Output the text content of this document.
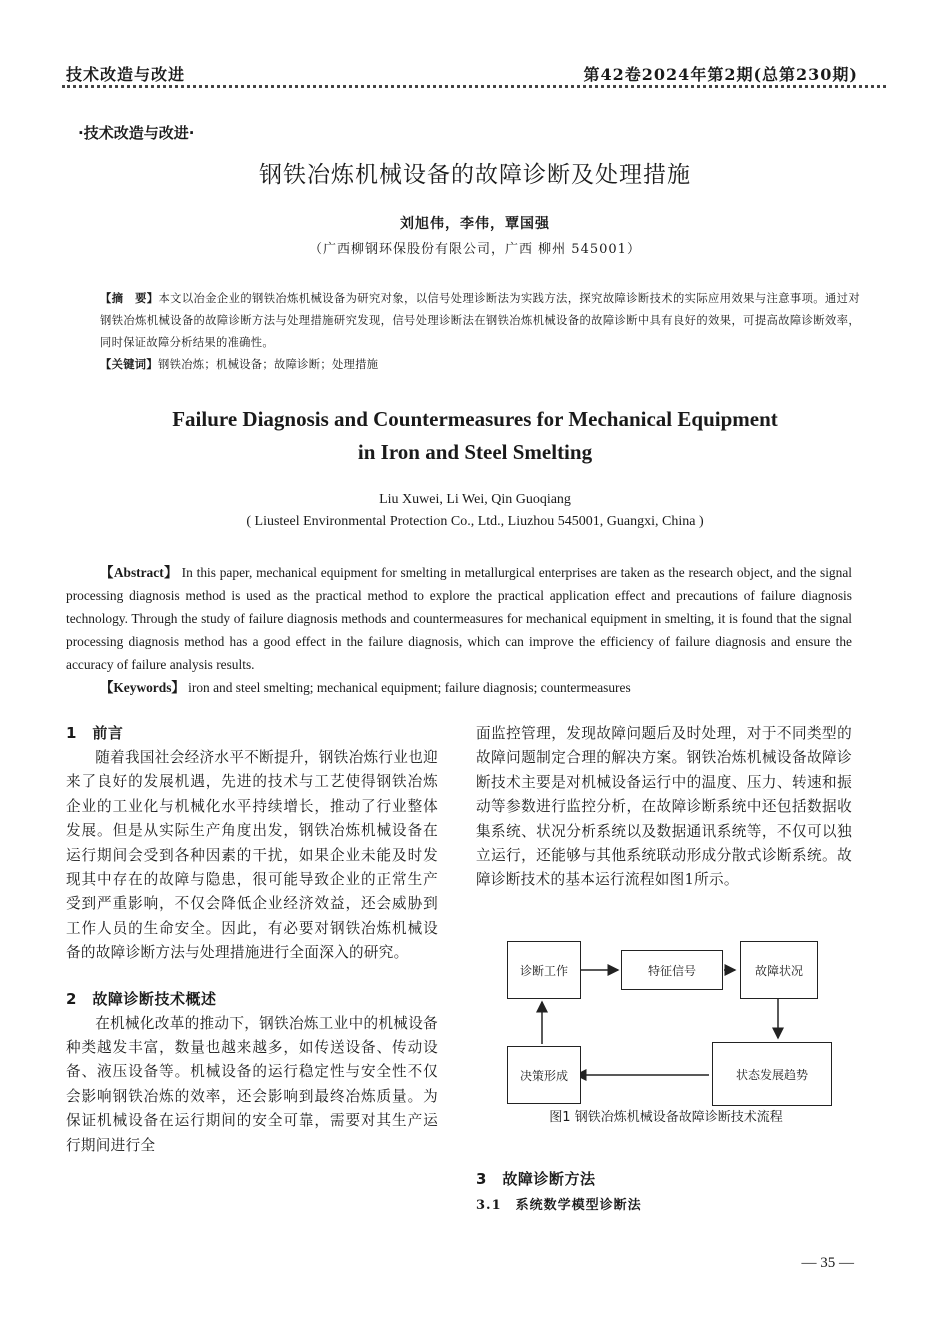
技术改造与改进	第42卷2024年第2期(总第230期)
·技术改造与改进·
钢铁冶炼机械设备的故障诊断及处理措施
刘旭伟，李伟，覃国强
（广西柳钢环保股份有限公司，广西 柳州 545001）
【摘　要】本文以冶金企业的钢铁冶炼机械设备为研究对象，以信号处理诊断法为实践方法，探究故障诊断技术的实际应用效果与注意事项。通过对钢铁冶炼机械设备的故障诊断方法与处理措施研究发现，信号处理诊断法在钢铁冶炼机械设备的故障诊断中具有良好的效果，可提高故障诊断效率，同时保证故障分析结果的准确性。
【关键词】钢铁冶炼；机械设备；故障诊断；处理措施
Failure Diagnosis and Countermeasures for Mechanical Equipment
in Iron and Steel Smelting
Liu Xuwei, Li Wei, Qin Guoqiang
( Liusteel Environmental Protection Co., Ltd., Liuzhou 545001, Guangxi, China )
【Abstract】 In this paper, mechanical equipment for smelting in metallurgical enterprises are taken as the research object, and the signal processing diagnosis method is used as the practical method to explore the practical application effect and precautions of failure diagnosis technology. Through the study of failure diagnosis methods and countermeasures for mechanical equipment in smelting, it is found that the signal processing diagnosis method has a good effect in the failure diagnosis, which can improve the efficiency of failure diagnosis and ensure the accuracy of failure analysis results.
【Keywords】 iron and steel smelting; mechanical equipment; failure diagnosis; countermeasures
1　前言
随着我国社会经济水平不断提升，钢铁冶炼行业也迎来了良好的发展机遇，先进的技术与工艺使得钢铁冶炼企业的工业化与机械化水平持续增长，推动了行业整体发展。但是从实际生产角度出发，钢铁冶炼机械设备在运行期间会受到各种因素的干扰，如果企业未能及时发现其中存在的故障与隐患，很可能导致企业的正常生产受到严重影响，不仅会降低企业经济效益，还会威胁到工作人员的生命安全。因此，有必要对钢铁冶炼机械设备的故障诊断方法与处理措施进行全面深入的研究。
2　故障诊断技术概述
在机械化改革的推动下，钢铁冶炼工业中的机械设备种类越发丰富，数量也越来越多，如传送设备、传动设备、液压设备等。机械设备的运行稳定性与安全性不仅会影响钢铁冶炼的效率，还会影响到最终冶炼质量。为保证机械设备在运行期间的安全可靠，需要对其生产运行期间进行全
面监控管理，发现故障问题后及时处理，对于不同类型的故障问题制定合理的解决方案。钢铁冶炼机械设备故障诊断技术主要是对机械设备运行中的温度、压力、转速和振动等参数进行监控分析，在故障诊断系统中还包括数据收集系统、状况分析系统以及数据通讯系统等，不仅可以独立运行，还能够与其他系统联动形成分散式诊断系统。故障诊断技术的基本运行流程如图1所示。
诊断工作	特征信号	故障状况
决策形成	状态发展趋势
图1 钢铁冶炼机械设备故障诊断技术流程
3　故障诊断方法
3.1　系统数学模型诊断法
— 35 —
